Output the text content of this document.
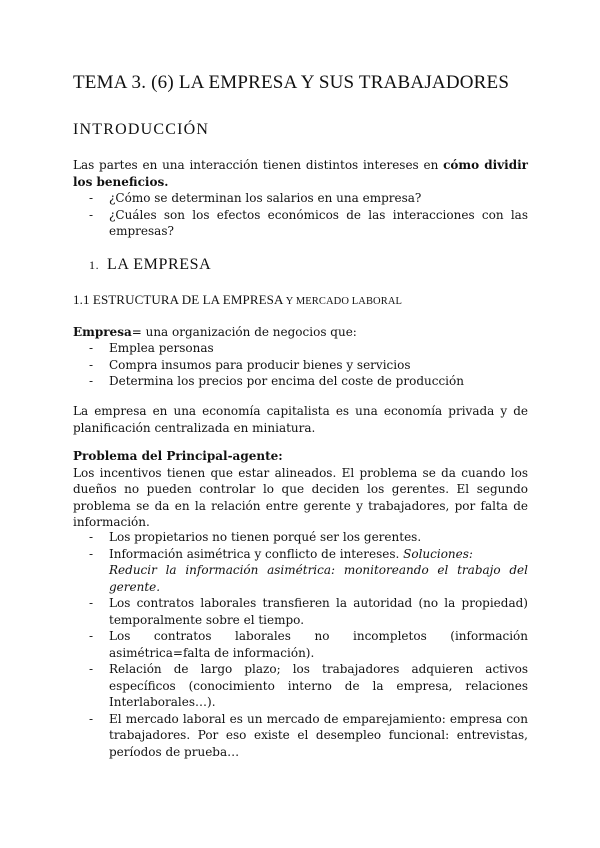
TEMA 3. (6) LA EMPRESA Y SUS TRABAJADORES
INTRODUCCIÓN
Las partes en una interacción tienen distintos intereses en cómo dividir los beneficios.
- ¿Cómo se determinan los salarios en una empresa?
- ¿Cuáles son los efectos económicos de las interacciones con las empresas?
1. LA EMPRESA
1.1 ESTRUCTURA DE LA EMPRESA Y MERCADO LABORAL
Empresa= una organización de negocios que:
- Emplea personas
- Compra insumos para producir bienes y servicios
- Determina los precios por encima del coste de producción
La empresa en una economía capitalista es una economía privada y de planificación centralizada en miniatura.
Problema del Principal-agente:
Los incentivos tienen que estar alineados. El problema se da cuando los dueños no pueden controlar lo que deciden los gerentes. El segundo problema se da en la relación entre gerente y trabajadores, por falta de información.
- Los propietarios no tienen porqué ser los gerentes.
- Información asimétrica y conflicto de intereses. Soluciones:
Reducir la información asimétrica: monitoreando el trabajo del gerente.
- Los contratos laborales transfieren la autoridad (no la propiedad) temporalmente sobre el tiempo.
- Los contratos laborales no incompletos (información asimétrica=falta de información).
- Relación de largo plazo; los trabajadores adquieren activos específicos (conocimiento interno de la empresa, relaciones Interlaborales…).
- El mercado laboral es un mercado de emparejamiento: empresa con trabajadores. Por eso existe el desempleo funcional: entrevistas, períodos de prueba…
